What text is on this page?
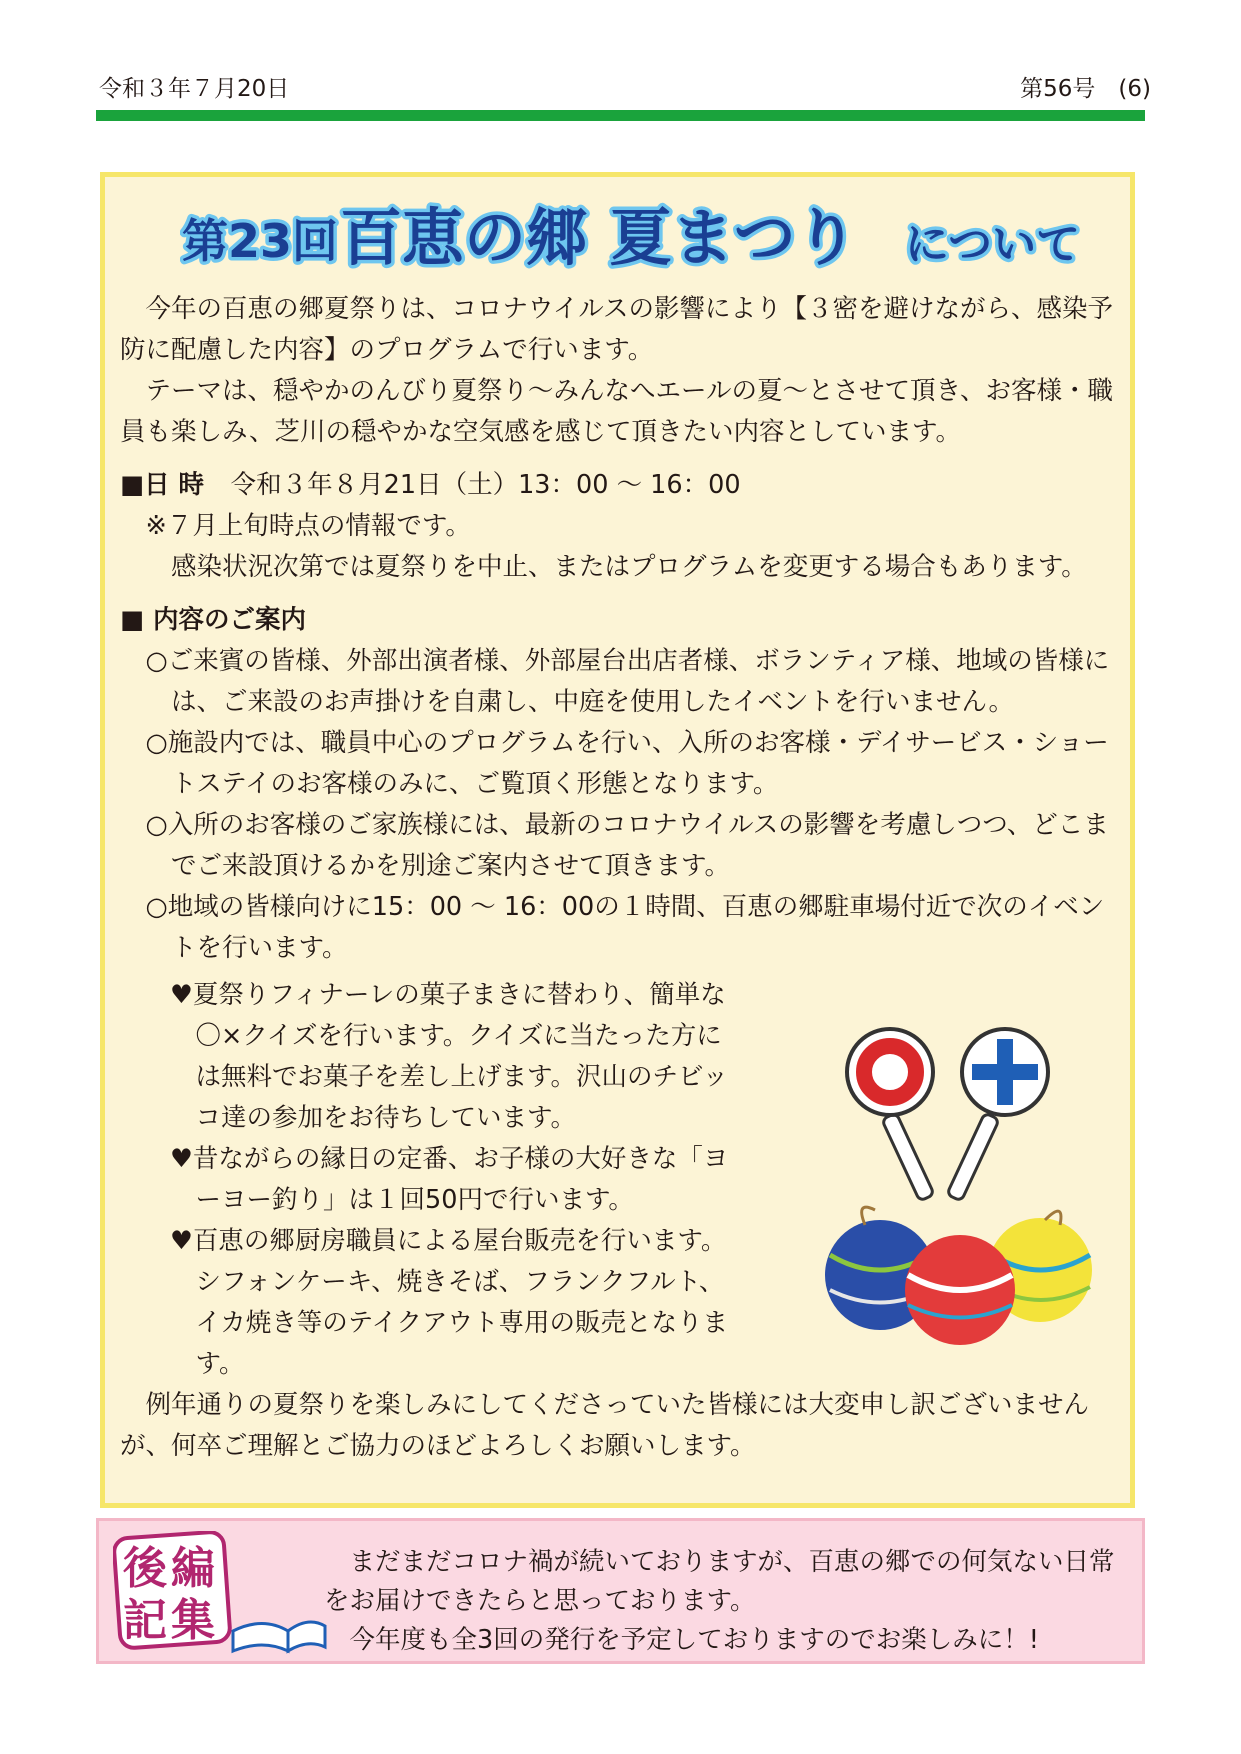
令和３年７月20日	第56号　(6)
第23回 百恵の郷 夏まつり について

今年の百恵の郷夏祭りは、コロナウイルスの影響により【３密を避けながら、感染予防に配慮した内容】のプログラムで行います。

テーマは、穏やかのんびり夏祭り～みんなへエールの夏～とさせて頂き、お客様・職員も楽しみ、芝川の穏やかな空気感を感じて頂きたい内容としています。

■日 時 令和３年８月21日（土）13：00 ～ 16：00

※７月上旬時点の情報です。

感染状況次第では夏祭りを中止、またはプログラムを変更する場合もあります。

■ 内容のご案内

○ご来賓の皆様、外部出演者様、外部屋台出店者様、ボランティア様、地域の皆様には、ご来設のお声掛けを自粛し、中庭を使用したイベントを行いません。

○施設内では、職員中心のプログラムを行い、入所のお客様・デイサービス・ショートステイのお客様のみに、ご覧頂く形態となります。

○入所のお客様のご家族様には、最新のコロナウイルスの影響を考慮しつつ、どこまでご来設頂けるかを別途ご案内させて頂きます。

○地域の皆様向けに15：00 ～ 16：00の１時間、百恵の郷駐車場付近で次のイベントを行います。

♥夏祭りフィナーレの菓子まきに替わり、簡単な〇×クイズを行います。クイズに当たった方には無料でお菓子を差し上げます。沢山のチビッコ達の参加をお待ちしています。

♥昔ながらの縁日の定番、お子様の大好きな「ヨーヨー釣り」は１回50円で行います。

♥百恵の郷厨房職員による屋台販売を行います。シフォンケーキ、焼きそば、フランクフルト、イカ焼き等のテイクアウト専用の販売となります。

例年通りの夏祭りを楽しみにしてくださっていた皆様には大変申し訳ございませんが、何卒ご理解とご協力のほどよろしくお願いします。

後 編
記 集

まだまだコロナ禍が続いておりますが、百恵の郷での何気ない日常をお届けできたらと思っております。

今年度も全3回の発行を予定しておりますのでお楽しみに！!
